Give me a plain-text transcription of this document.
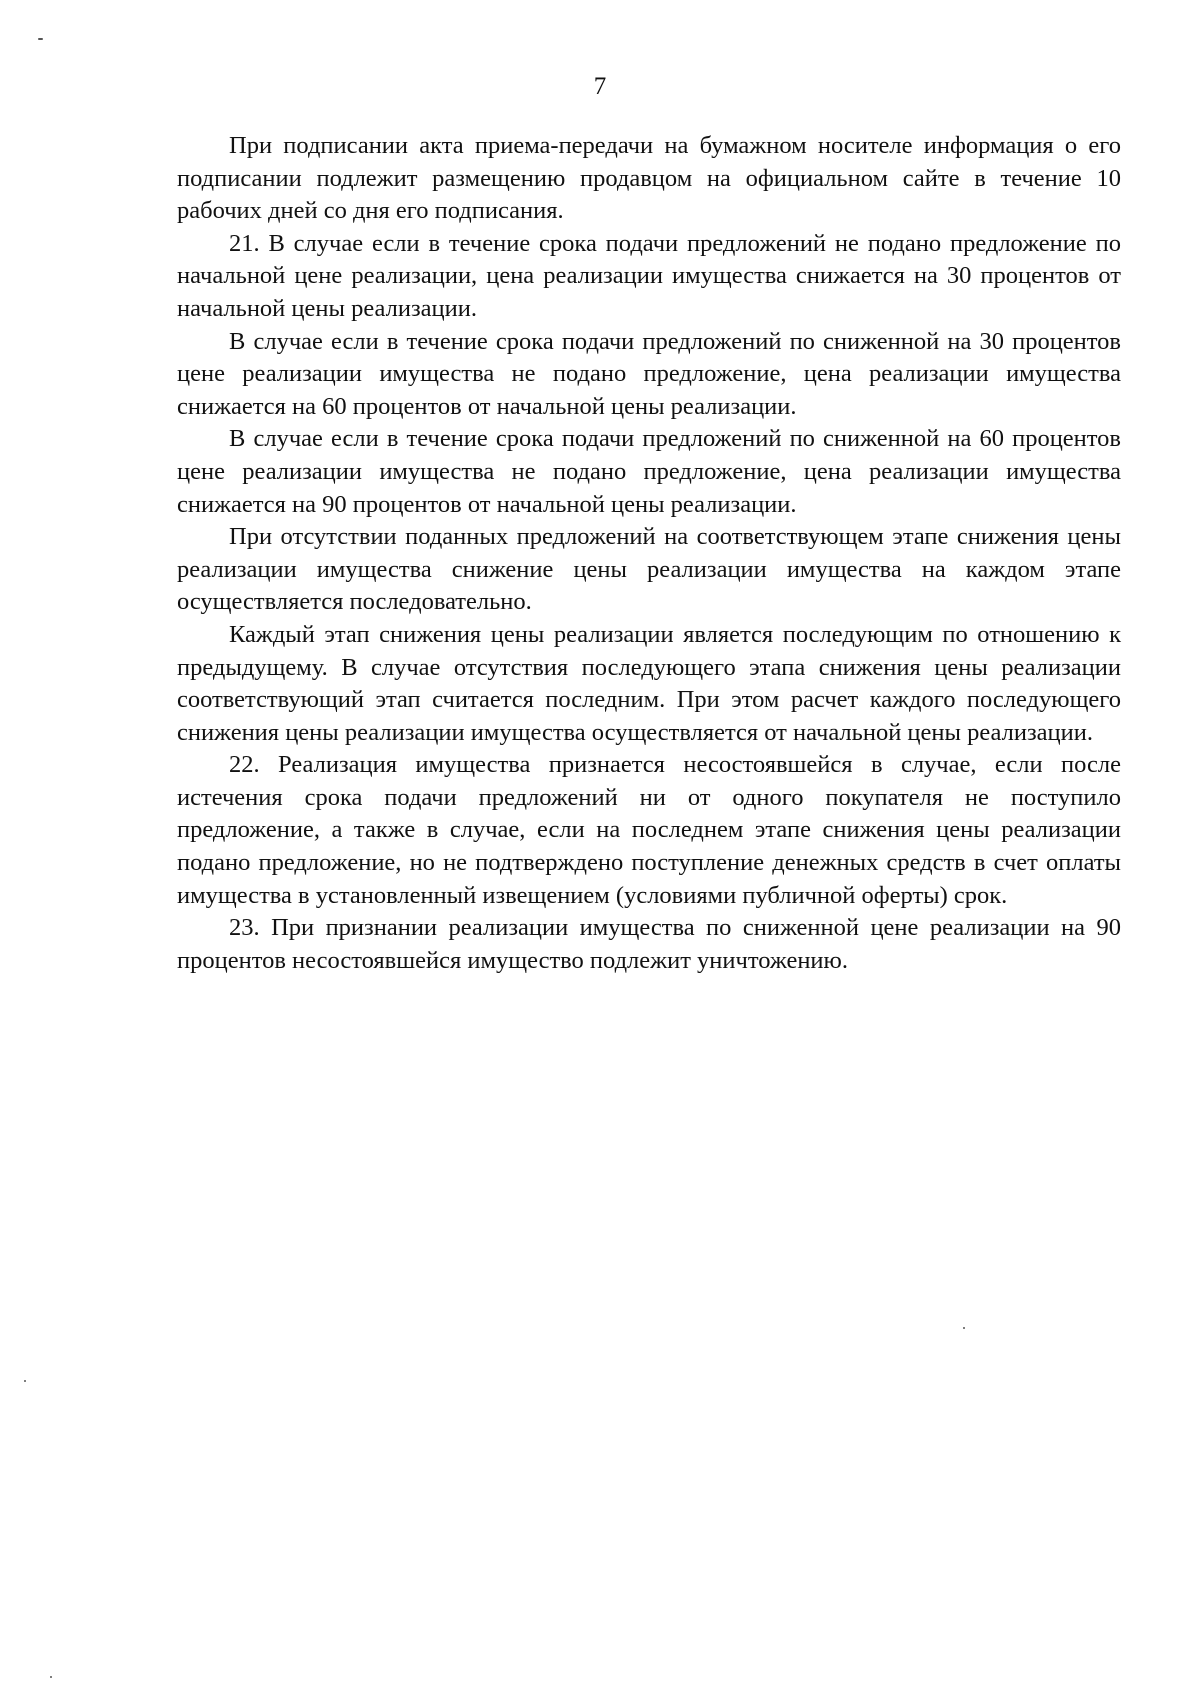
7

При подписании акта приема-передачи на бумажном носителе информация о его подписании подлежит размещению продавцом на официальном сайте в течение 10 рабочих дней со дня его подписания.

21. В случае если в течение срока подачи предложений не подано предложение по начальной цене реализации, цена реализации имущества снижается на 30 процентов от начальной цены реализации.

В случае если в течение срока подачи предложений по сниженной на 30 процентов цене реализации имущества не подано предложение, цена реализации имущества снижается на 60 процентов от начальной цены реализации.

В случае если в течение срока подачи предложений по сниженной на 60 процентов цене реализации имущества не подано предложение, цена реализации имущества снижается на 90 процентов от начальной цены реализации.

При отсутствии поданных предложений на соответствующем этапе снижения цены реализации имущества снижение цены реализации имущества на каждом этапе осуществляется последовательно.

Каждый этап снижения цены реализации является последующим по отношению к предыдущему. В случае отсутствия последующего этапа снижения цены реализации соответствующий этап считается последним. При этом расчет каждого последующего снижения цены реализации имущества осуществляется от начальной цены реализации.

22. Реализация имущества признается несостоявшейся в случае, если после истечения срока подачи предложений ни от одного покупателя не поступило предложение, а также в случае, если на последнем этапе снижения цены реализации подано предложение, но не подтверждено поступление денежных средств в счет оплаты имущества в установленный извещением (условиями публичной оферты) срок.

23. При признании реализации имущества по сниженной цене реализации на 90 процентов несостоявшейся имущество подлежит уничтожению.
